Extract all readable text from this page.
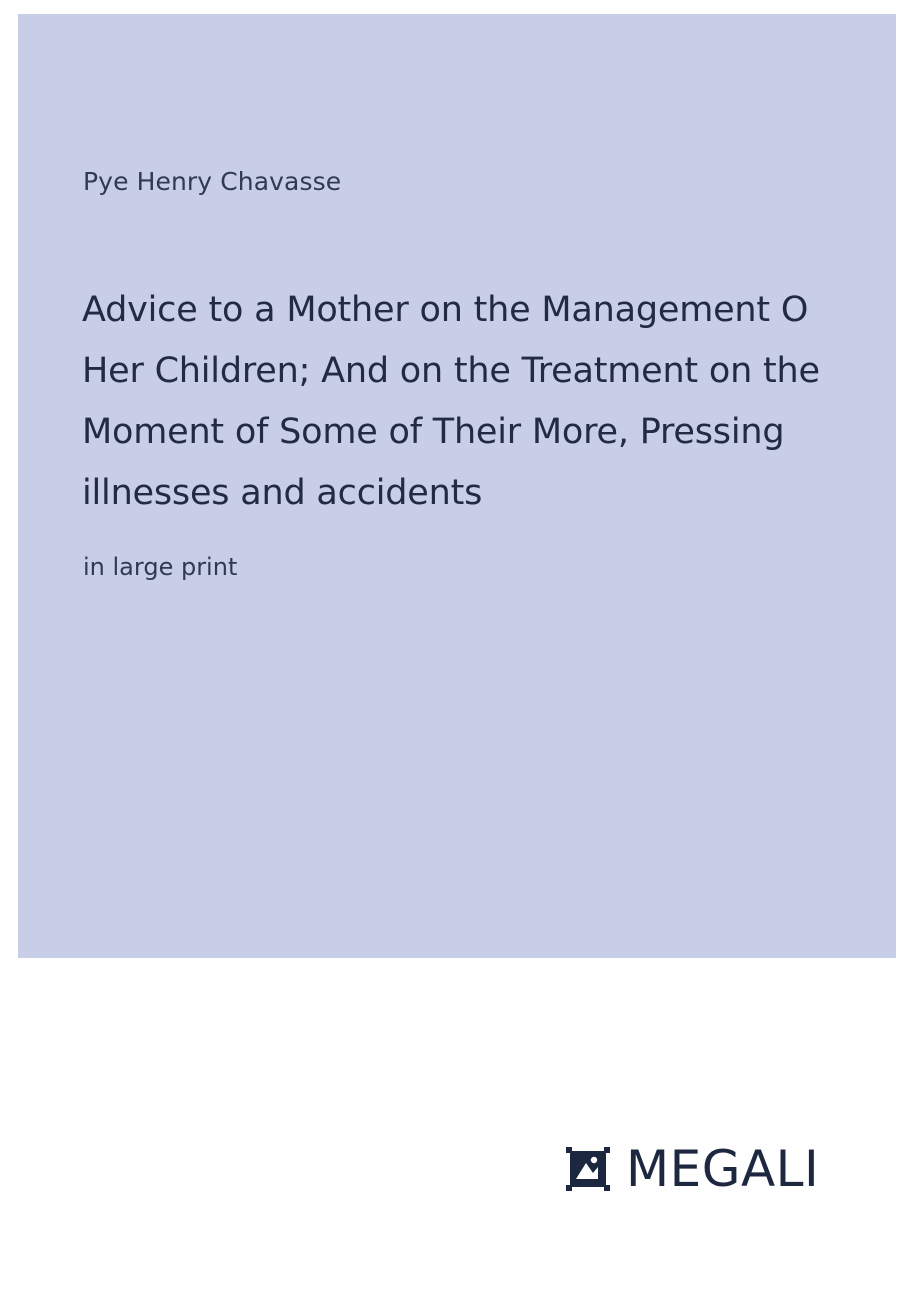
Pye Henry Chavasse
Advice to a Mother on the Management O Her Children; And on the Treatment on the Moment of Some of Their More, Pressing illnesses and accidents
in large print
MEGALI
